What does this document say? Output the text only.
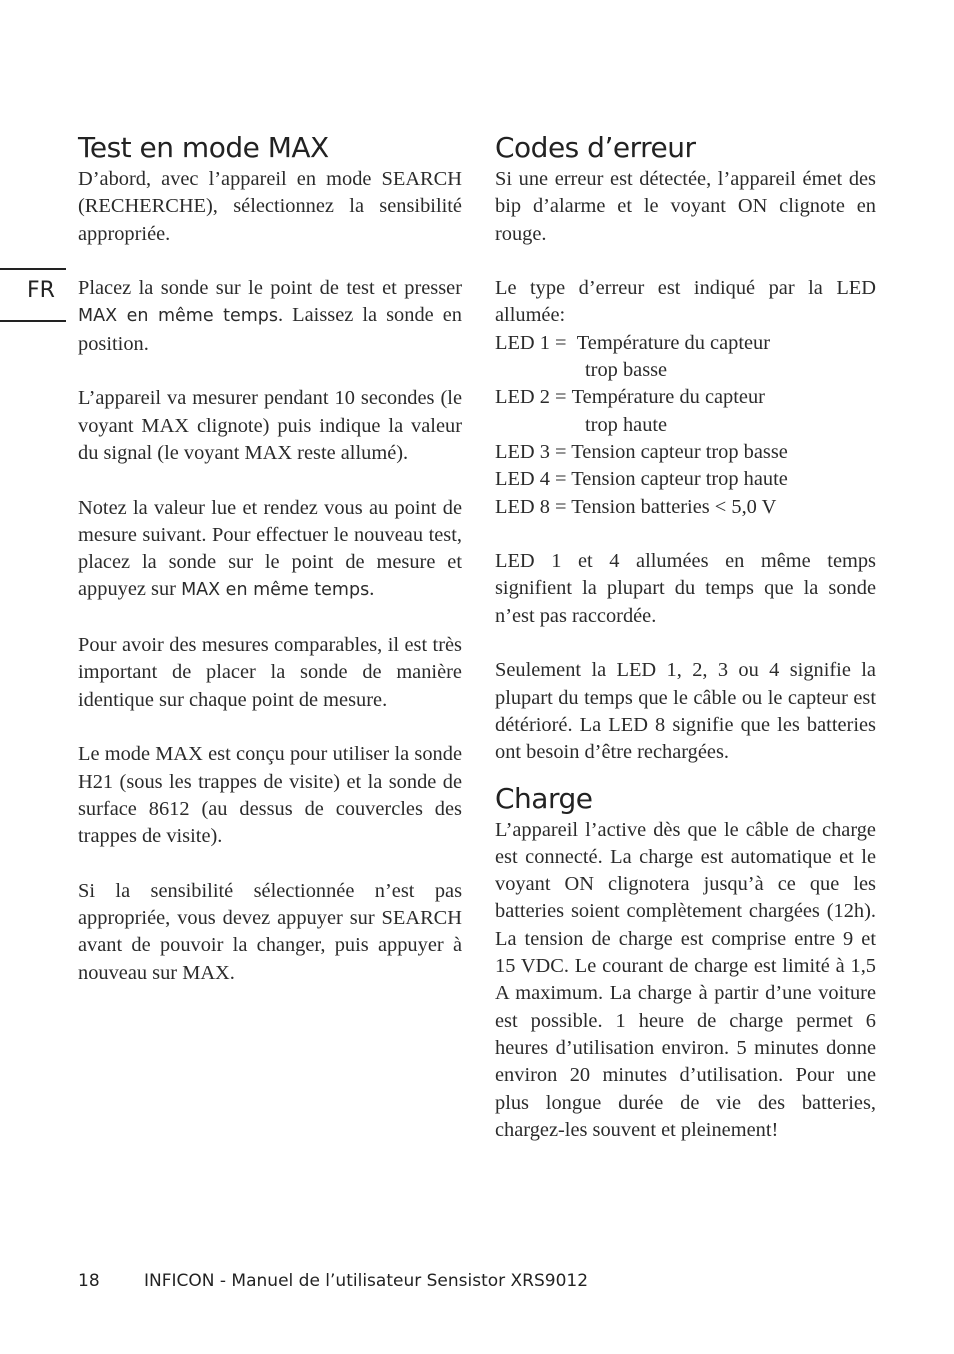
FR
Test en mode MAX

D’abord, avec l’appareil en mode SEARCH (RECHERCHE), sélectionnez la sensibilité appropriée.

Placez la sonde sur le point de test et presser MAX en même temps. Laissez la sonde en position.

L’appareil va mesurer pendant 10 secondes (le voyant MAX clignote) puis indique la valeur du signal (le voyant MAX reste allumé).

Notez la valeur lue et rendez vous au point de mesure suivant. Pour effectuer le nouveau test, placez la sonde sur le point de mesure et appuyez sur MAX en même temps.

Pour avoir des mesures comparables, il est très important de placer la sonde de manière identique sur chaque point de mesure.

Le mode MAX est conçu pour utiliser la sonde H21 (sous les trappes de visite) et la sonde de surface 8612 (au dessus de couvercles des trappes de visite).

Si la sensibilité sélectionnée n’est pas appropriée, vous devez appuyer sur SEARCH avant de pouvoir la changer, puis appuyer à nouveau sur MAX.

Codes d’erreur

Si une erreur est détectée, l’appareil émet des bip d’alarme et le voyant ON clignote en rouge.

Le type d’erreur est indiqué par la LED allumée:

LED 1 = Température du capteur
trop basse
LED 2 = Température du capteur
trop haute
LED 3 = Tension capteur trop basse
LED 4 = Tension capteur trop haute
LED 8 = Tension batteries < 5,0 V

LED 1 et 4 allumées en même temps signifient la plupart du temps que la sonde n’est pas raccordée.

Seulement la LED 1, 2, 3 ou 4 signifie la plupart du temps que le câble ou le capteur est détérioré. La LED 8 signifie que les batteries ont besoin d’être rechargées.

Charge

L’appareil l’active dès que le câble de charge est connecté. La charge est automatique et le voyant ON clignotera jusqu’à ce que les batteries soient complètement chargées (12h). La tension de charge est comprise entre 9 et 15 VDC. Le courant de charge est limité à 1,5 A maximum. La charge à partir d’une voiture est possible. 1 heure de charge permet 6 heures d’utilisation environ. 5 minutes donne environ 20 minutes d’utilisation. Pour une plus longue durée de vie des batteries, chargez-les souvent et pleinement!

18	INFICON - Manuel de l’utilisateur Sensistor XRS9012
